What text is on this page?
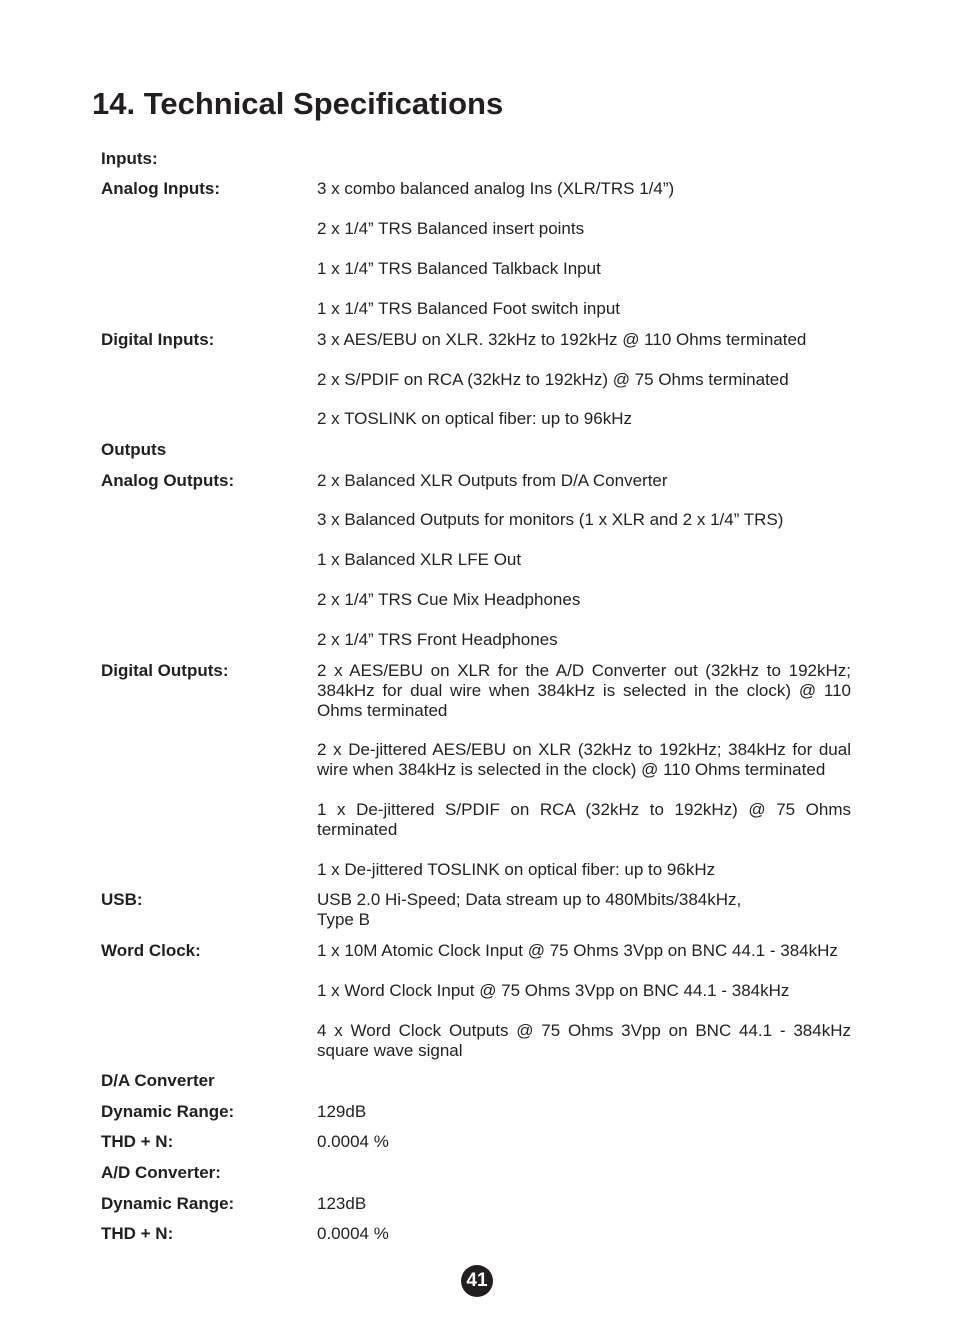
14. Technical Specifications
Inputs:
Analog Inputs:	3 x combo balanced analog Ins (XLR/TRS 1/4”)
2 x 1/4” TRS Balanced insert points
1 x 1/4” TRS Balanced Talkback Input
1 x 1/4” TRS Balanced Foot switch input
Digital Inputs:	3 x AES/EBU on XLR. 32kHz to 192kHz @ 110 Ohms terminated
2 x S/PDIF on RCA (32kHz to 192kHz) @ 75 Ohms terminated
2 x TOSLINK on optical fiber: up to 96kHz
Outputs
Analog Outputs:	2 x Balanced XLR Outputs from D/A Converter
3 x Balanced Outputs for monitors (1 x XLR and 2 x 1/4” TRS)
1 x Balanced XLR LFE Out
2 x 1/4” TRS Cue Mix Headphones
2 x 1/4” TRS Front Headphones
Digital Outputs:	2 x AES/EBU on XLR for the A/D Converter out (32kHz to 192kHz; 384kHz for dual wire when 384kHz is selected in the clock) @ 110 Ohms terminated
2 x De-jittered AES/EBU on XLR (32kHz to 192kHz; 384kHz for dual wire when 384kHz is selected in the clock) @ 110 Ohms terminated
1 x De-jittered S/PDIF on RCA (32kHz to 192kHz) @ 75 Ohms terminated
1 x De-jittered TOSLINK on optical fiber: up to 96kHz
USB:	USB 2.0 Hi-Speed; Data stream up to 480Mbits/384kHz,
Type B
Word Clock:	1 x 10M Atomic Clock Input @ 75 Ohms 3Vpp on BNC 44.1 - 384kHz
1 x Word Clock Input @ 75 Ohms 3Vpp on BNC 44.1 - 384kHz
4 x Word Clock Outputs @ 75 Ohms 3Vpp on BNC 44.1 - 384kHz square wave signal
D/A Converter
Dynamic Range:	129dB
THD + N:	0.0004 %
A/D Converter:
Dynamic Range:	123dB
THD + N:	0.0004 %
41
